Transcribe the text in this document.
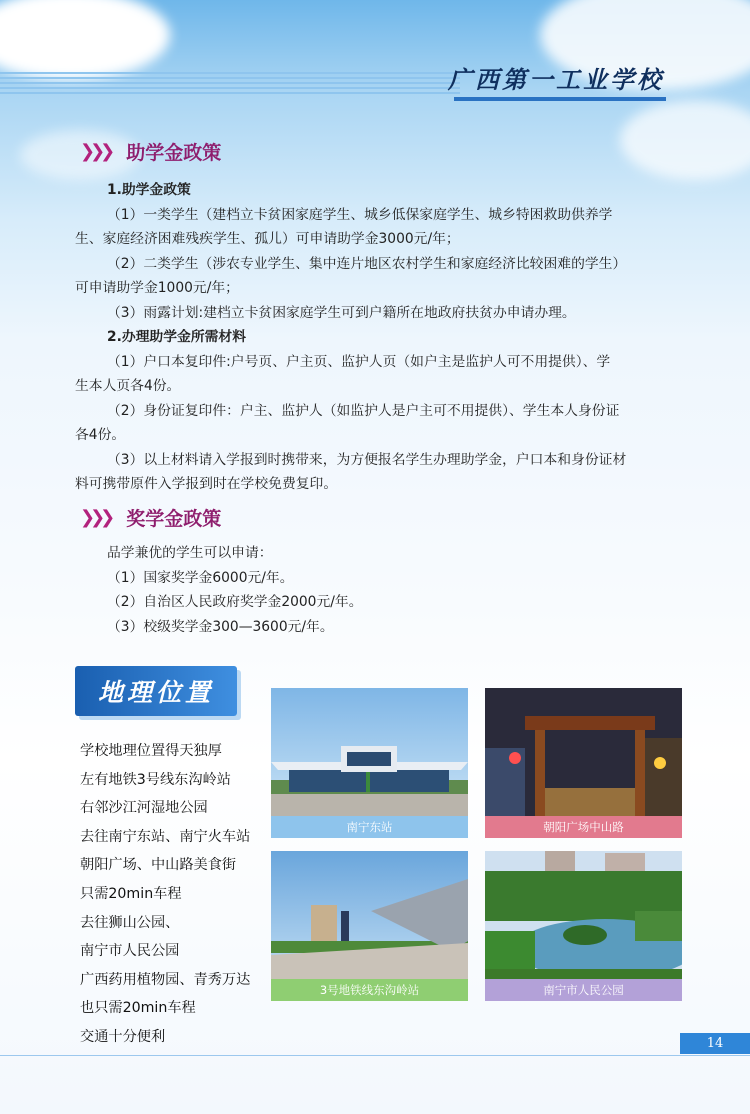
广西第一工业学校
❯❯❯ 助学金政策

1.助学金政策

（1）一类学生（建档立卡贫困家庭学生、城乡低保家庭学生、城乡特困救助供养学

生、家庭经济困难残疾学生、孤儿）可申请助学金3000元/年；

（2）二类学生（涉农专业学生、集中连片地区农村学生和家庭经济比较困难的学生）

可申请助学金1000元/年；

（3）雨露计划:建档立卡贫困家庭学生可到户籍所在地政府扶贫办申请办理。

2.办理助学金所需材料

（1）户口本复印件:户号页、户主页、监护人页（如户主是监护人可不用提供）、学

生本人页各4份。

（2）身份证复印件：户主、监护人（如监护人是户主可不用提供）、学生本人身份证

各4份。

（3）以上材料请入学报到时携带来，为方便报名学生办理助学金，户口本和身份证材

料可携带原件入学报到时在学校免费复印。

❯❯❯ 奖学金政策

品学兼优的学生可以申请：

（1）国家奖学金6000元/年。

（2）自治区人民政府奖学金2000元/年。

（3）校级奖学金300—3600元/年。

地理位置
学校地理位置得天独厚
左有地铁3号线东沟岭站
右邻沙江河湿地公园
去往南宁东站、南宁火车站
朝阳广场、中山路美食街
只需20min车程
去往狮山公园、
南宁市人民公园
广西药用植物园、青秀万达
也只需20min车程
交通十分便利
南宁东站	朝阳广场中山路
3号地铁线东沟岭站	南宁市人民公园
14
